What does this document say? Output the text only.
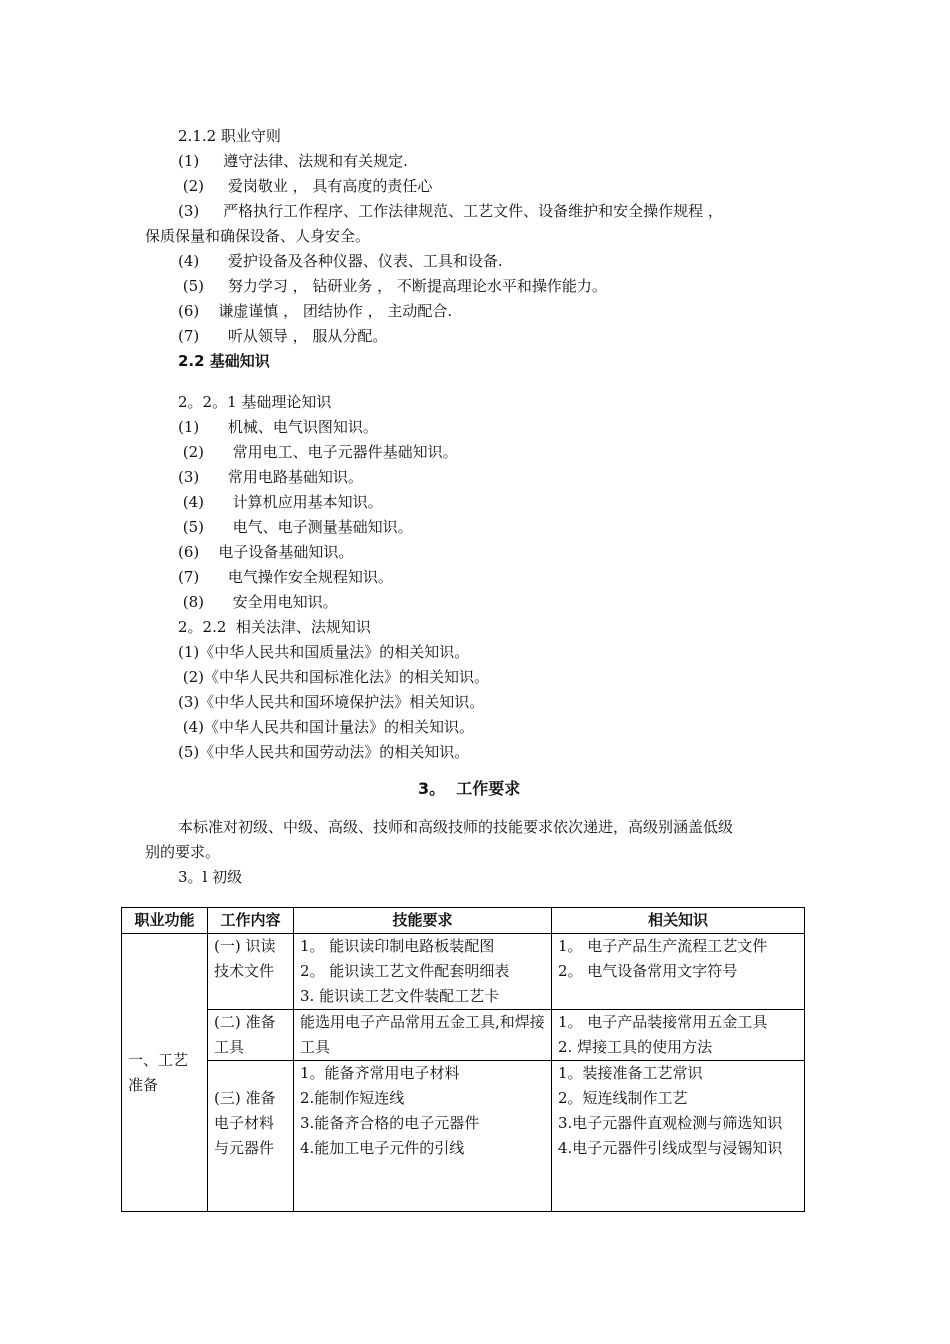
2.1.2 职业守则
(1)     遵守法律、法规和有关规定.
(2)     爱岗敬业 ， 具有高度的责任心
(3)     严格执行工作程序、工作法律规范、工艺文件、设备维护和安全操作规程 ，
保质保量和确保设备、人身安全。
(4)      爱护设备及各种仪器、仪表、工具和设备.
(5)     努力学习 ， 钻研业务 ， 不断提高理论水平和操作能力。
(6)    谦虚谨慎 ， 团结协作 ， 主动配合.
(7)      听从领导 ， 服从分配。
2.2 基础知识
2。2。1 基础理论知识
(1)      机械、电气识图知识。
(2)      常用电工、电子元器件基础知识。
(3)      常用电路基础知识。
(4)      计算机应用基本知识。
(5)      电气、电子测量基础知识。
(6)    电子设备基础知识。
(7)      电气操作安全规程知识。
(8)      安全用电知识。
2。2.2  相关法津、法规知识
(1)《中华人民共和国质量法》的相关知识。
(2)《中华人民共和国标准化法》的相关知识。
(3)《中华人民共和国环境保护法》相关知识。
(4)《中华人民共和国计量法》的相关知识。
(5)《中华人民共和国劳动法》的相关知识。
3。  工作要求
本标准对初级、中级、高级、技师和高级技师的技能要求依次递进，高级别涵盖低级
别的要求。
3。l 初级
职业功能	工作内容	技能要求	相关知识
一、工艺准备	(一) 识读技术文件	1。 能识读印制电路板装配图
2。 能识读工艺文件配套明细表
3. 能识读工艺文件装配工艺卡	1。 电子产品生产流程工艺文件
2。 电气设备常用文字符号

	(二) 准备工具	能选用电子产品常用五金工具,和焊接工具	1。 电子产品装接常用五金工具
2. 焊接工具的使用方法

	(三) 准备电子材料与元器件	1。能备齐常用电子材料
2.能制作短连线
3.能备齐合格的电子元器件
4.能加工电子元件的引线	1。装接准备工艺常识
2。短连线制作工艺
3.电子元器件直观检测与筛选知识
4.电子元器件引线成型与浸锡知识
